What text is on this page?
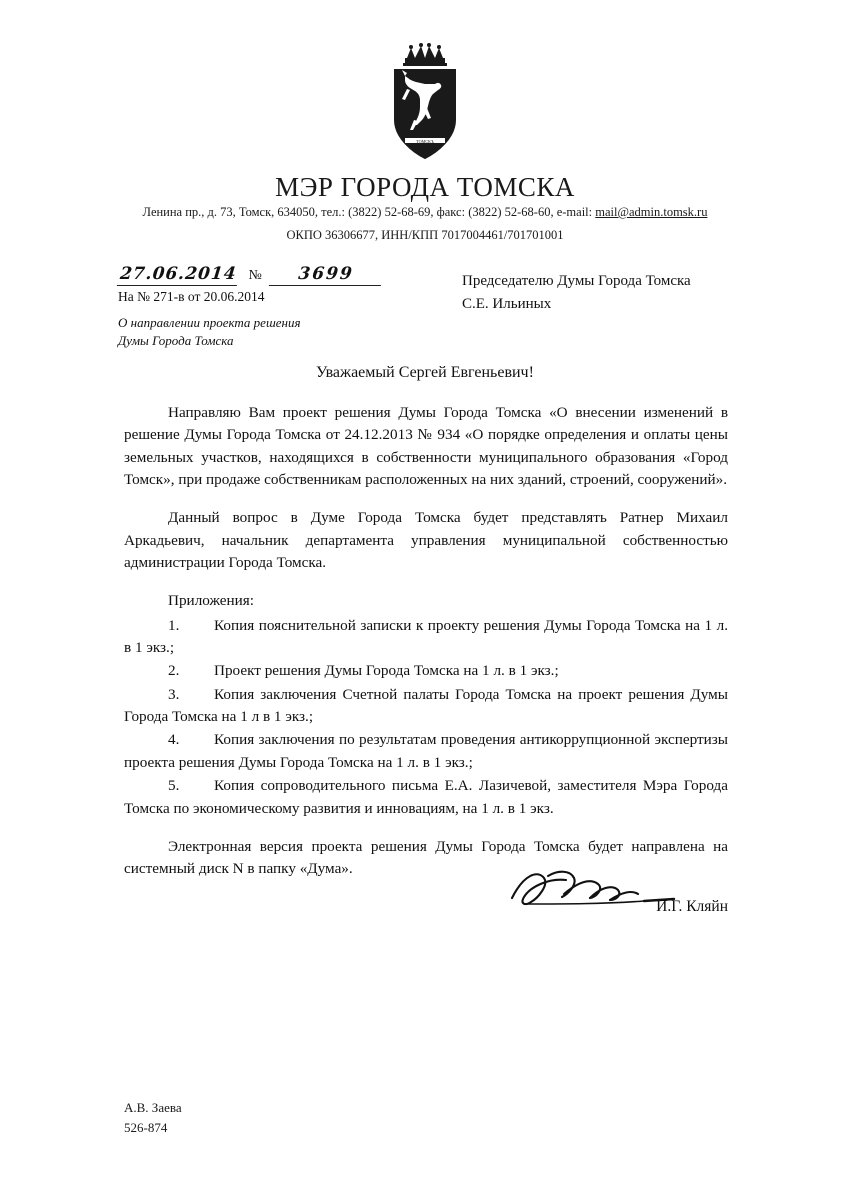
ТОМСКЪ
МЭР ГОРОДА ТОМСКА
Ленина пр., д. 73, Томск, 634050, тел.: (3822) 52-68-69, факс: (3822) 52-68-60, e-mail: mail@admin.tomsk.ru
ОКПО 36306677, ИНН/КПП 7017004461/701701001
27.06.2014 №	3699
На № 271-в от 20.06.2014
О направлении проекта решения
Думы Города Томска
Председателю Думы Города Томска
С.Е. Ильиных
Уважаемый Сергей Евгеньевич!

Направляю Вам проект решения Думы Города Томска «О внесении изменений в решение Думы Города Томска от 24.12.2013 № 934 «О порядке определения и оплаты цены земельных участков, находящихся в собственности муниципального образования «Город Томск», при продаже собственникам расположенных на них зданий, строений, сооружений».

Данный вопрос в Думе Города Томска будет представлять Ратнер Михаил Аркадьевич, начальник департамента управления муниципальной собственностью администрации Города Томска.

Приложения:
1. Копия пояснительной записки к проекту решения Думы Города Томска на 1 л. в 1 экз.;
2. Проект решения Думы Города Томска на 1 л. в 1 экз.;
3. Копия заключения Счетной палаты Города Томска на проект решения Думы Города Томска на 1 л в 1 экз.;
4. Копия заключения по результатам проведения антикоррупционной экспертизы проекта решения Думы Города Томска на 1 л. в 1 экз.;
5. Копия сопроводительного письма Е.А. Лазичевой, заместителя Мэра Города Томска по экономическому развития и инновациям, на 1 л. в 1 экз.

Электронная версия проекта решения Думы Города Томска будет направлена на системный диск N в папку «Дума».

И.Г. Кляйн
А.В. Заева
526-874
